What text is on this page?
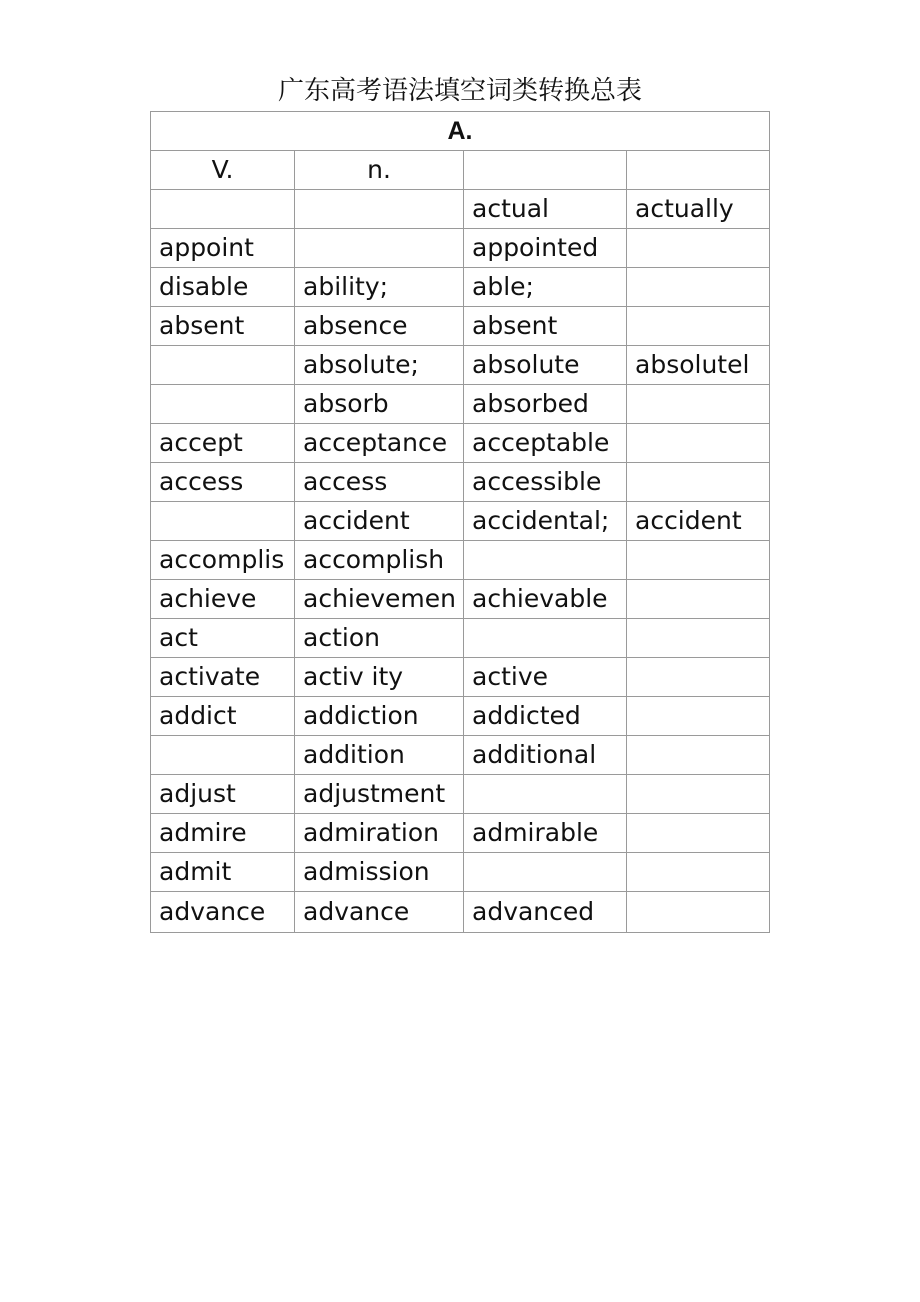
广东高考语法填空词类转换总表
A.			
V.	n.		
		actual	actually
appoint		appointed	
disable	ability;	able;	
absent	absence	absent	
	absolute;	absolute	absolutel
	absorb	absorbed	
accept	acceptance	acceptable	
access	access	accessible	
	accident	accidental;	accident
accomplis	accomplish		
achieve	achievemen	achievable	
act	action		
activate	activ ity	active	
addict	addiction	addicted	
	addition	additional	
adjust	adjustment		
admire	admiration	admirable	
admit	admission		
advance	advance	advanced	
